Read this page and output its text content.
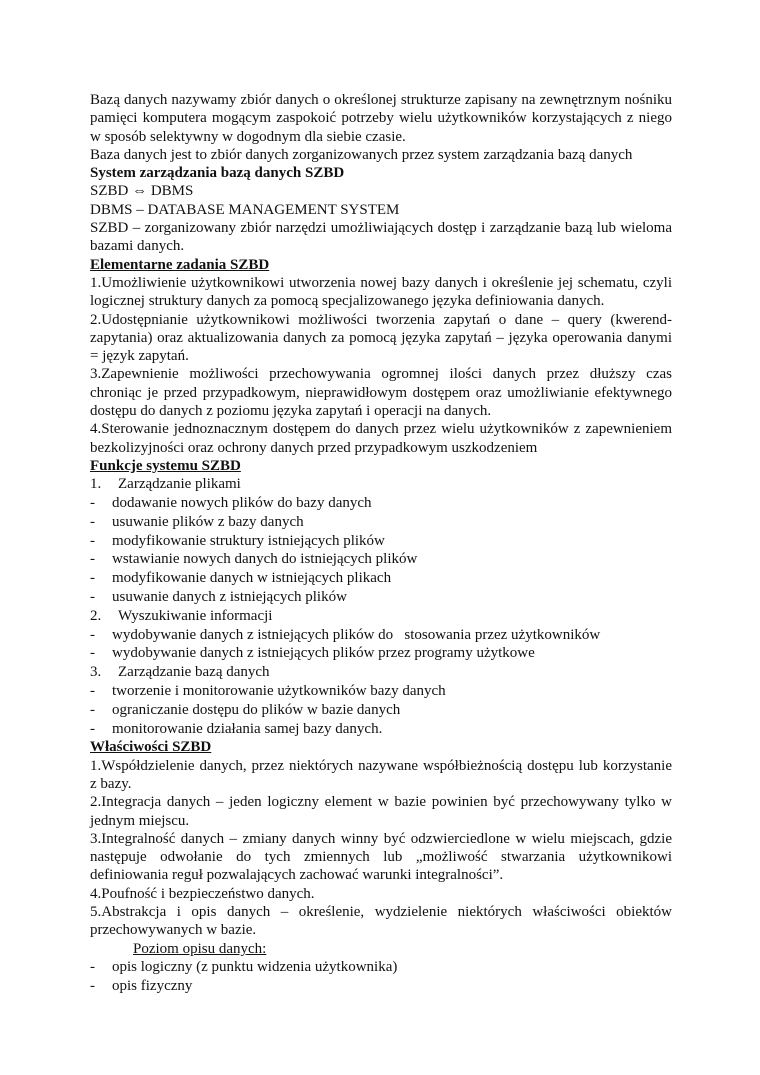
Bazą danych nazywamy zbiór danych o określonej strukturze zapisany na zewnętrznym nośniku pamięci komputera mogącym zaspokoić potrzeby wielu użytkowników korzystających z niego w sposób selektywny w dogodnym dla siebie czasie.

Baza danych jest to zbiór danych zorganizowanych przez system zarządzania bazą danych

System zarządzania bazą danych SZBD

SZBD ⇔ DBMS

DBMS – DATABASE MANAGEMENT SYSTEM

SZBD – zorganizowany zbiór narzędzi umożliwiających dostęp i zarządzanie bazą lub wieloma bazami danych.

Elementarne zadania SZBD

1.Umożliwienie użytkownikowi utworzenia nowej bazy danych i określenie jej schematu, czyli logicznej struktury danych za pomocą specjalizowanego języka definiowania danych.

2.Udostępnianie użytkownikowi możliwości tworzenia zapytań o dane – query (kwerend-zapytania) oraz aktualizowania danych za pomocą języka zapytań – języka operowania danymi = język zapytań.

3.Zapewnienie możliwości przechowywania ogromnej ilości danych przez dłuższy czas chroniąc je przed przypadkowym, nieprawidłowym dostępem oraz umożliwianie efektywnego dostępu do danych z poziomu języka zapytań i operacji na danych.

4.Sterowanie jednoznacznym dostępem do danych przez wielu użytkowników z zapewnieniem bezkolizyjności oraz ochrony danych przed przypadkowym uszkodzeniem

Funkcje systemu SZBD

1.	Zarządzanie plikami
-	dodawanie nowych plików do bazy danych
-	usuwanie plików z bazy danych
-	modyfikowanie struktury istniejących plików
-	wstawianie nowych danych do istniejących plików
-	modyfikowanie danych w istniejących plikach
-	usuwanie danych z istniejących plików
2.	Wyszukiwanie informacji
-	wydobywanie danych z istniejących plików do   stosowania przez użytkowników
-	wydobywanie danych z istniejących plików przez programy użytkowe
3.	Zarządzanie bazą danych
-	tworzenie i monitorowanie użytkowników bazy danych
-	ograniczanie dostępu do plików w bazie danych
-	monitorowanie działania samej bazy danych.

Właściwości SZBD

1.Współdzielenie danych, przez niektórych nazywane współbieżnością dostępu lub korzystanie z bazy.

2.Integracja danych – jeden logiczny element w bazie powinien być przechowywany tylko w jednym miejscu.

3.Integralność danych – zmiany danych winny być odzwierciedlone w wielu miejscach, gdzie następuje odwołanie do tych zmiennych lub „możliwość stwarzania użytkownikowi definiowania reguł pozwalających zachować warunki integralności”.

4.Poufność i bezpieczeństwo danych.

5.Abstrakcja i opis danych – określenie, wydzielenie niektórych właściwości obiektów przechowywanych w bazie.

Poziom opisu danych:
-	opis logiczny (z punktu widzenia użytkownika)
-	opis fizyczny
